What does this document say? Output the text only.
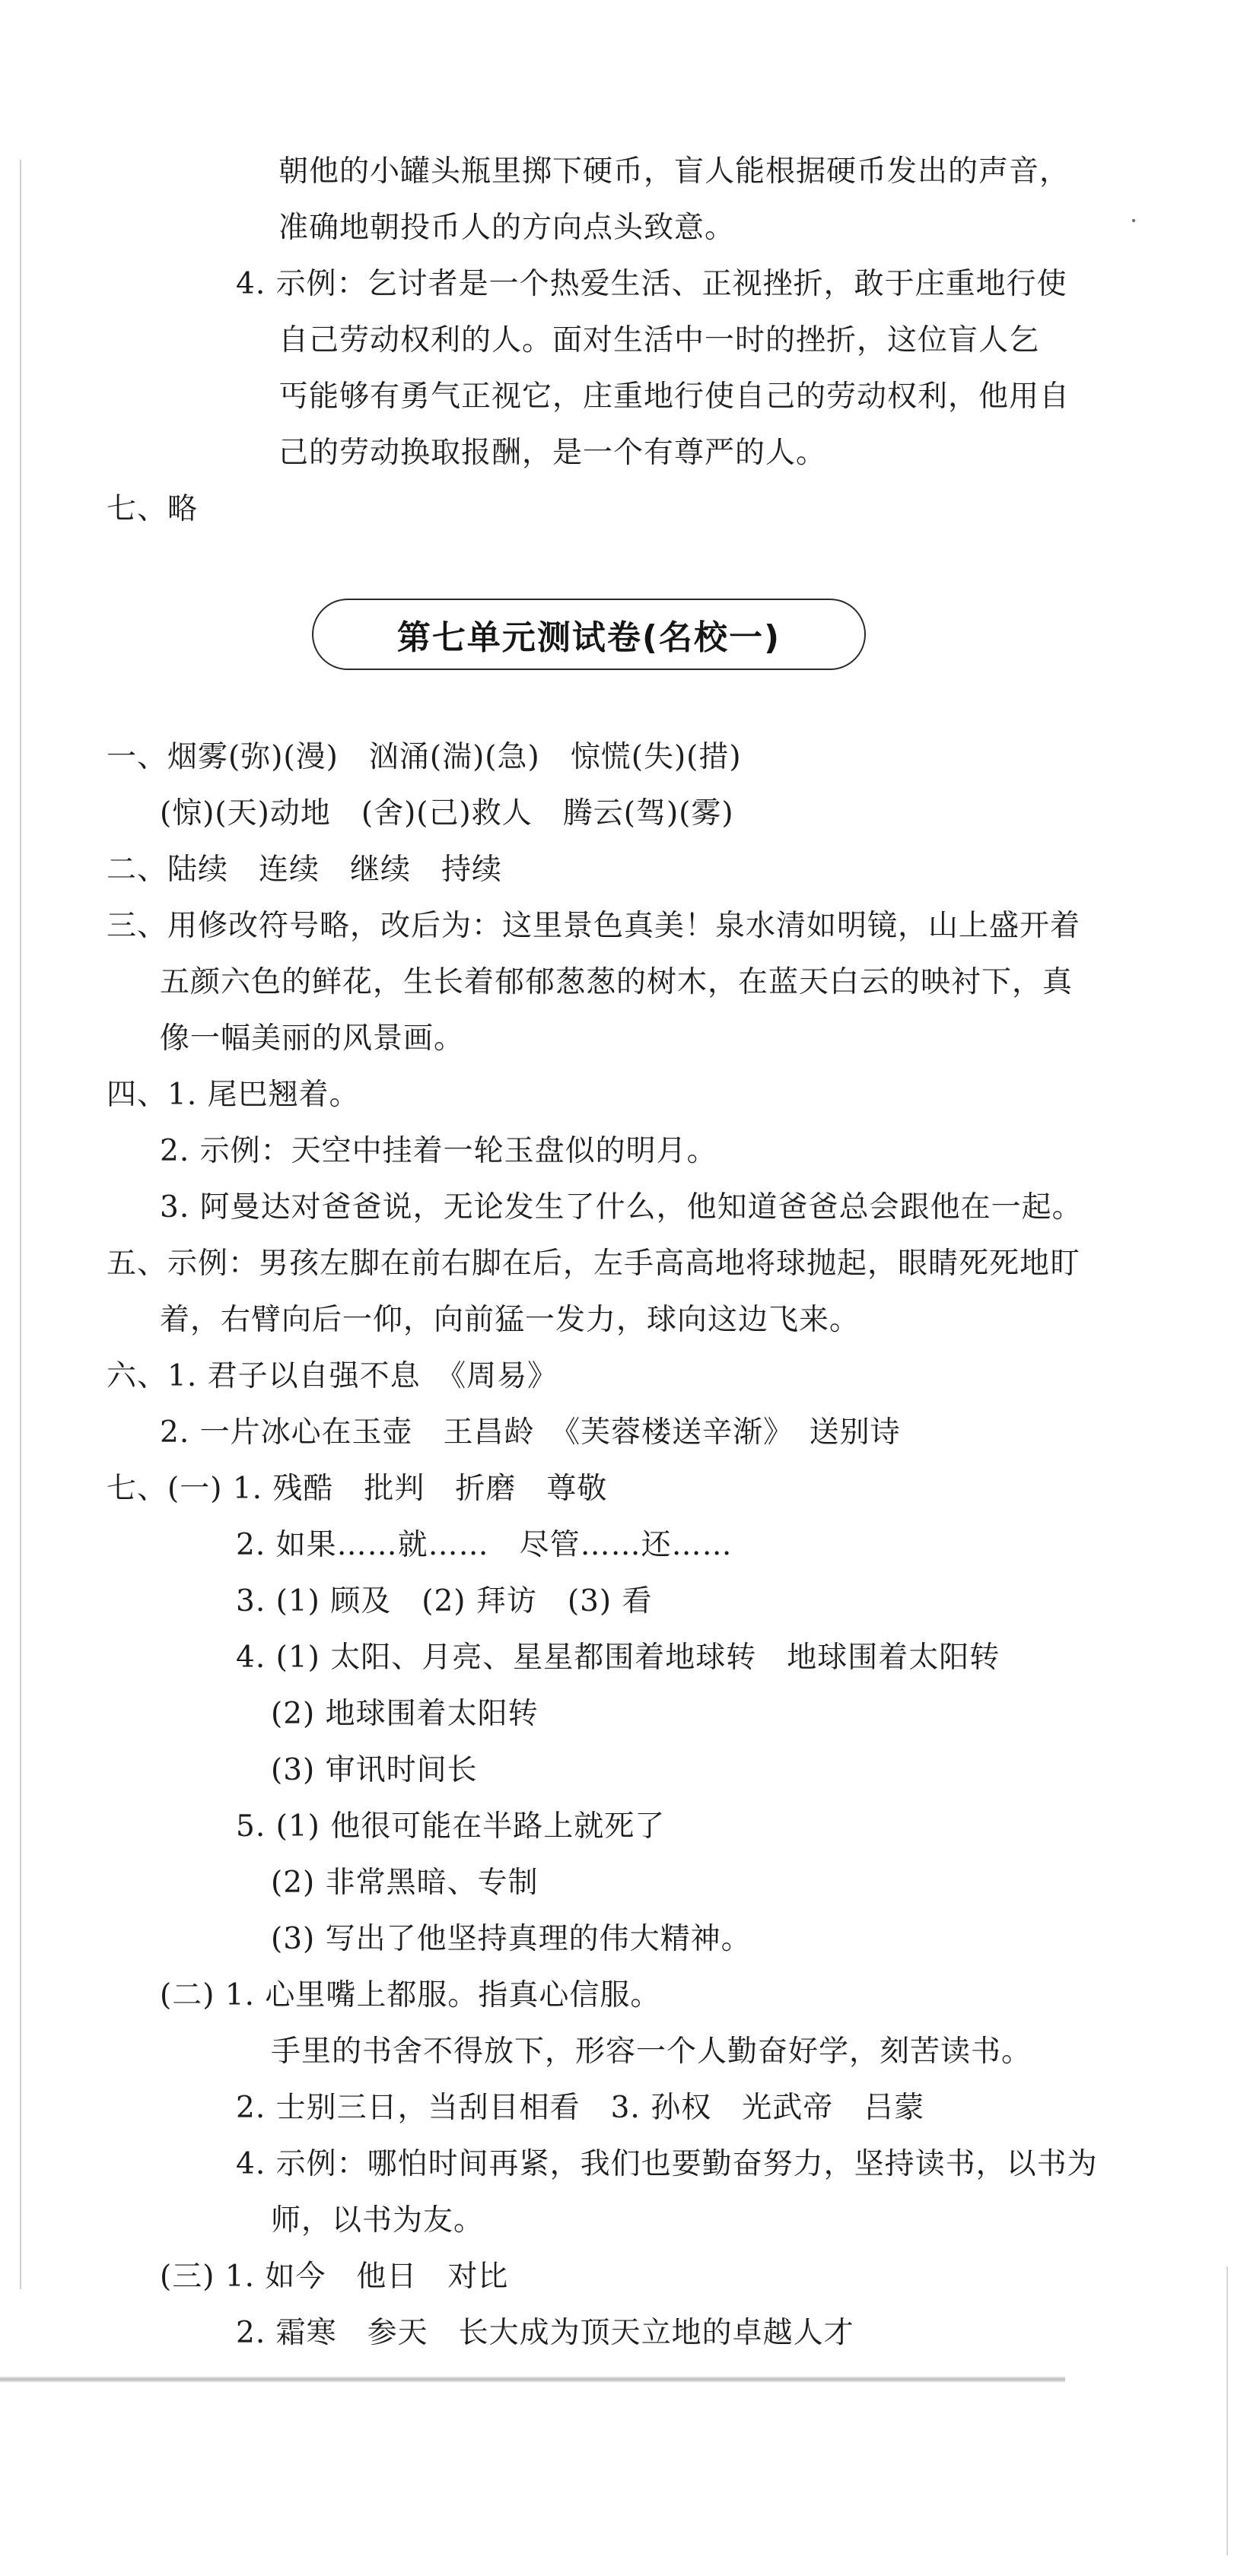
朝他的小罐头瓶里掷下硬币，盲人能根据硬币发出的声音，
准确地朝投币人的方向点头致意。
4. 示例：乞讨者是一个热爱生活、正视挫折，敢于庄重地行使
自己劳动权利的人。面对生活中一时的挫折，这位盲人乞
丐能够有勇气正视它，庄重地行使自己的劳动权利，他用自
己的劳动换取报酬，是一个有尊严的人。
七、略
第七单元测试卷(名校一)
一、烟雾(弥)(漫)　汹涌(湍)(急)　惊慌(失)(措)
(惊)(天)动地　(舍)(己)救人　腾云(驾)(雾)
二、陆续　连续　继续　持续
三、用修改符号略，改后为：这里景色真美！泉水清如明镜，山上盛开着
五颜六色的鲜花，生长着郁郁葱葱的树木，在蓝天白云的映衬下，真
像一幅美丽的风景画。
四、1. 尾巴翘着。
2. 示例：天空中挂着一轮玉盘似的明月。
3. 阿曼达对爸爸说，无论发生了什么，他知道爸爸总会跟他在一起。
五、示例：男孩左脚在前右脚在后，左手高高地将球抛起，眼睛死死地盯
着，右臂向后一仰，向前猛一发力，球向这边飞来。
六、1. 君子以自强不息　《周易》
2. 一片冰心在玉壶　王昌龄　《芙蓉楼送辛渐》　送别诗
七、(一) 1. 残酷　批判　折磨　尊敬
2. 如果……就……　尽管……还……
3. (1) 顾及　(2) 拜访　(3) 看
4. (1) 太阳、月亮、星星都围着地球转　地球围着太阳转
(2) 地球围着太阳转
(3) 审讯时间长
5. (1) 他很可能在半路上就死了
(2) 非常黑暗、专制
(3) 写出了他坚持真理的伟大精神。
(二) 1. 心里嘴上都服。指真心信服。
手里的书舍不得放下，形容一个人勤奋好学，刻苦读书。
2. 士别三日，当刮目相看　3. 孙权　光武帝　吕蒙
4. 示例：哪怕时间再紧，我们也要勤奋努力，坚持读书，以书为
师，以书为友。
(三) 1. 如今　他日　对比
2. 霜寒　参天　长大成为顶天立地的卓越人才
